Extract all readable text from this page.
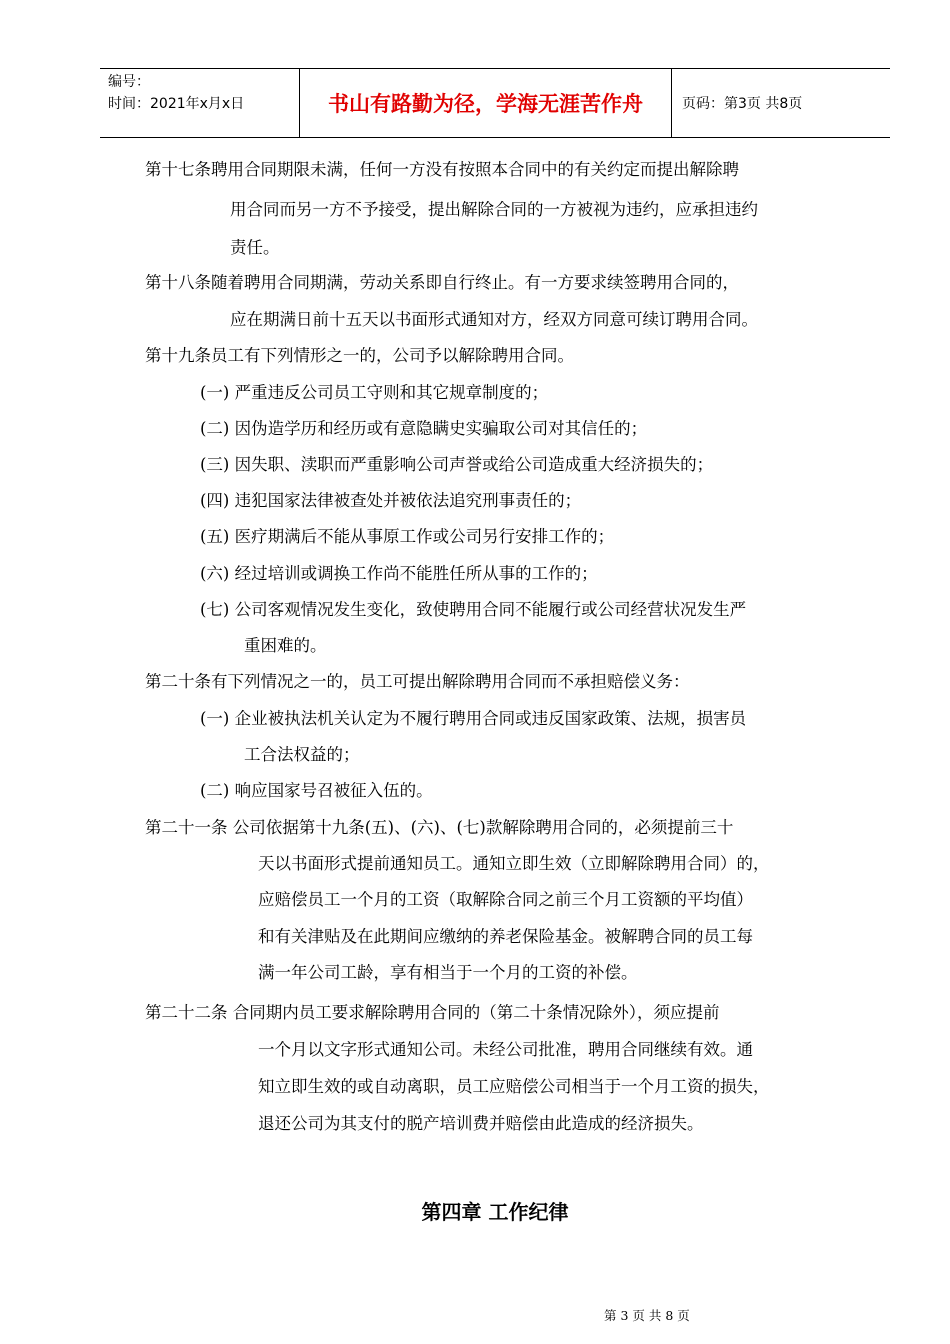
编号：
时间：2021年x月x日	书山有路勤为径，学海无涯苦作舟	页码：第3页 共8页
第十七条聘用合同期限未满，任何一方没有按照本合同中的有关约定而提出解除聘
用合同而另一方不予接受，提出解除合同的一方被视为违约，应承担违约
责任。
第十八条随着聘用合同期满，劳动关系即自行终止。有一方要求续签聘用合同的，
应在期满日前十五天以书面形式通知对方，经双方同意可续订聘用合同。
第十九条员工有下列情形之一的，公司予以解除聘用合同。
(一) 严重违反公司员工守则和其它规章制度的；
(二) 因伪造学历和经历或有意隐瞒史实骗取公司对其信任的；
(三) 因失职、渎职而严重影响公司声誉或给公司造成重大经济损失的；
(四) 违犯国家法律被查处并被依法追究刑事责任的；
(五) 医疗期满后不能从事原工作或公司另行安排工作的；
(六) 经过培训或调换工作尚不能胜任所从事的工作的；
(七) 公司客观情况发生变化，致使聘用合同不能履行或公司经营状况发生严
重困难的。
第二十条有下列情况之一的，员工可提出解除聘用合同而不承担赔偿义务：
(一) 企业被执法机关认定为不履行聘用合同或违反国家政策、法规，损害员
工合法权益的；
(二) 响应国家号召被征入伍的。
第二十一条 公司依据第十九条(五)、(六)、(七)款解除聘用合同的，必须提前三十
天以书面形式提前通知员工。通知立即生效（立即解除聘用合同）的，
应赔偿员工一个月的工资（取解除合同之前三个月工资额的平均值）
和有关津贴及在此期间应缴纳的养老保险基金。被解聘合同的员工每
满一年公司工龄，享有相当于一个月的工资的补偿。
第二十二条 合同期内员工要求解除聘用合同的（第二十条情况除外），须应提前
一个月以文字形式通知公司。未经公司批准，聘用合同继续有效。通
知立即生效的或自动离职，员工应赔偿公司相当于一个月工资的损失，
退还公司为其支付的脱产培训费并赔偿由此造成的经济损失。
第四章 工作纪律
第 3 页 共 8 页
